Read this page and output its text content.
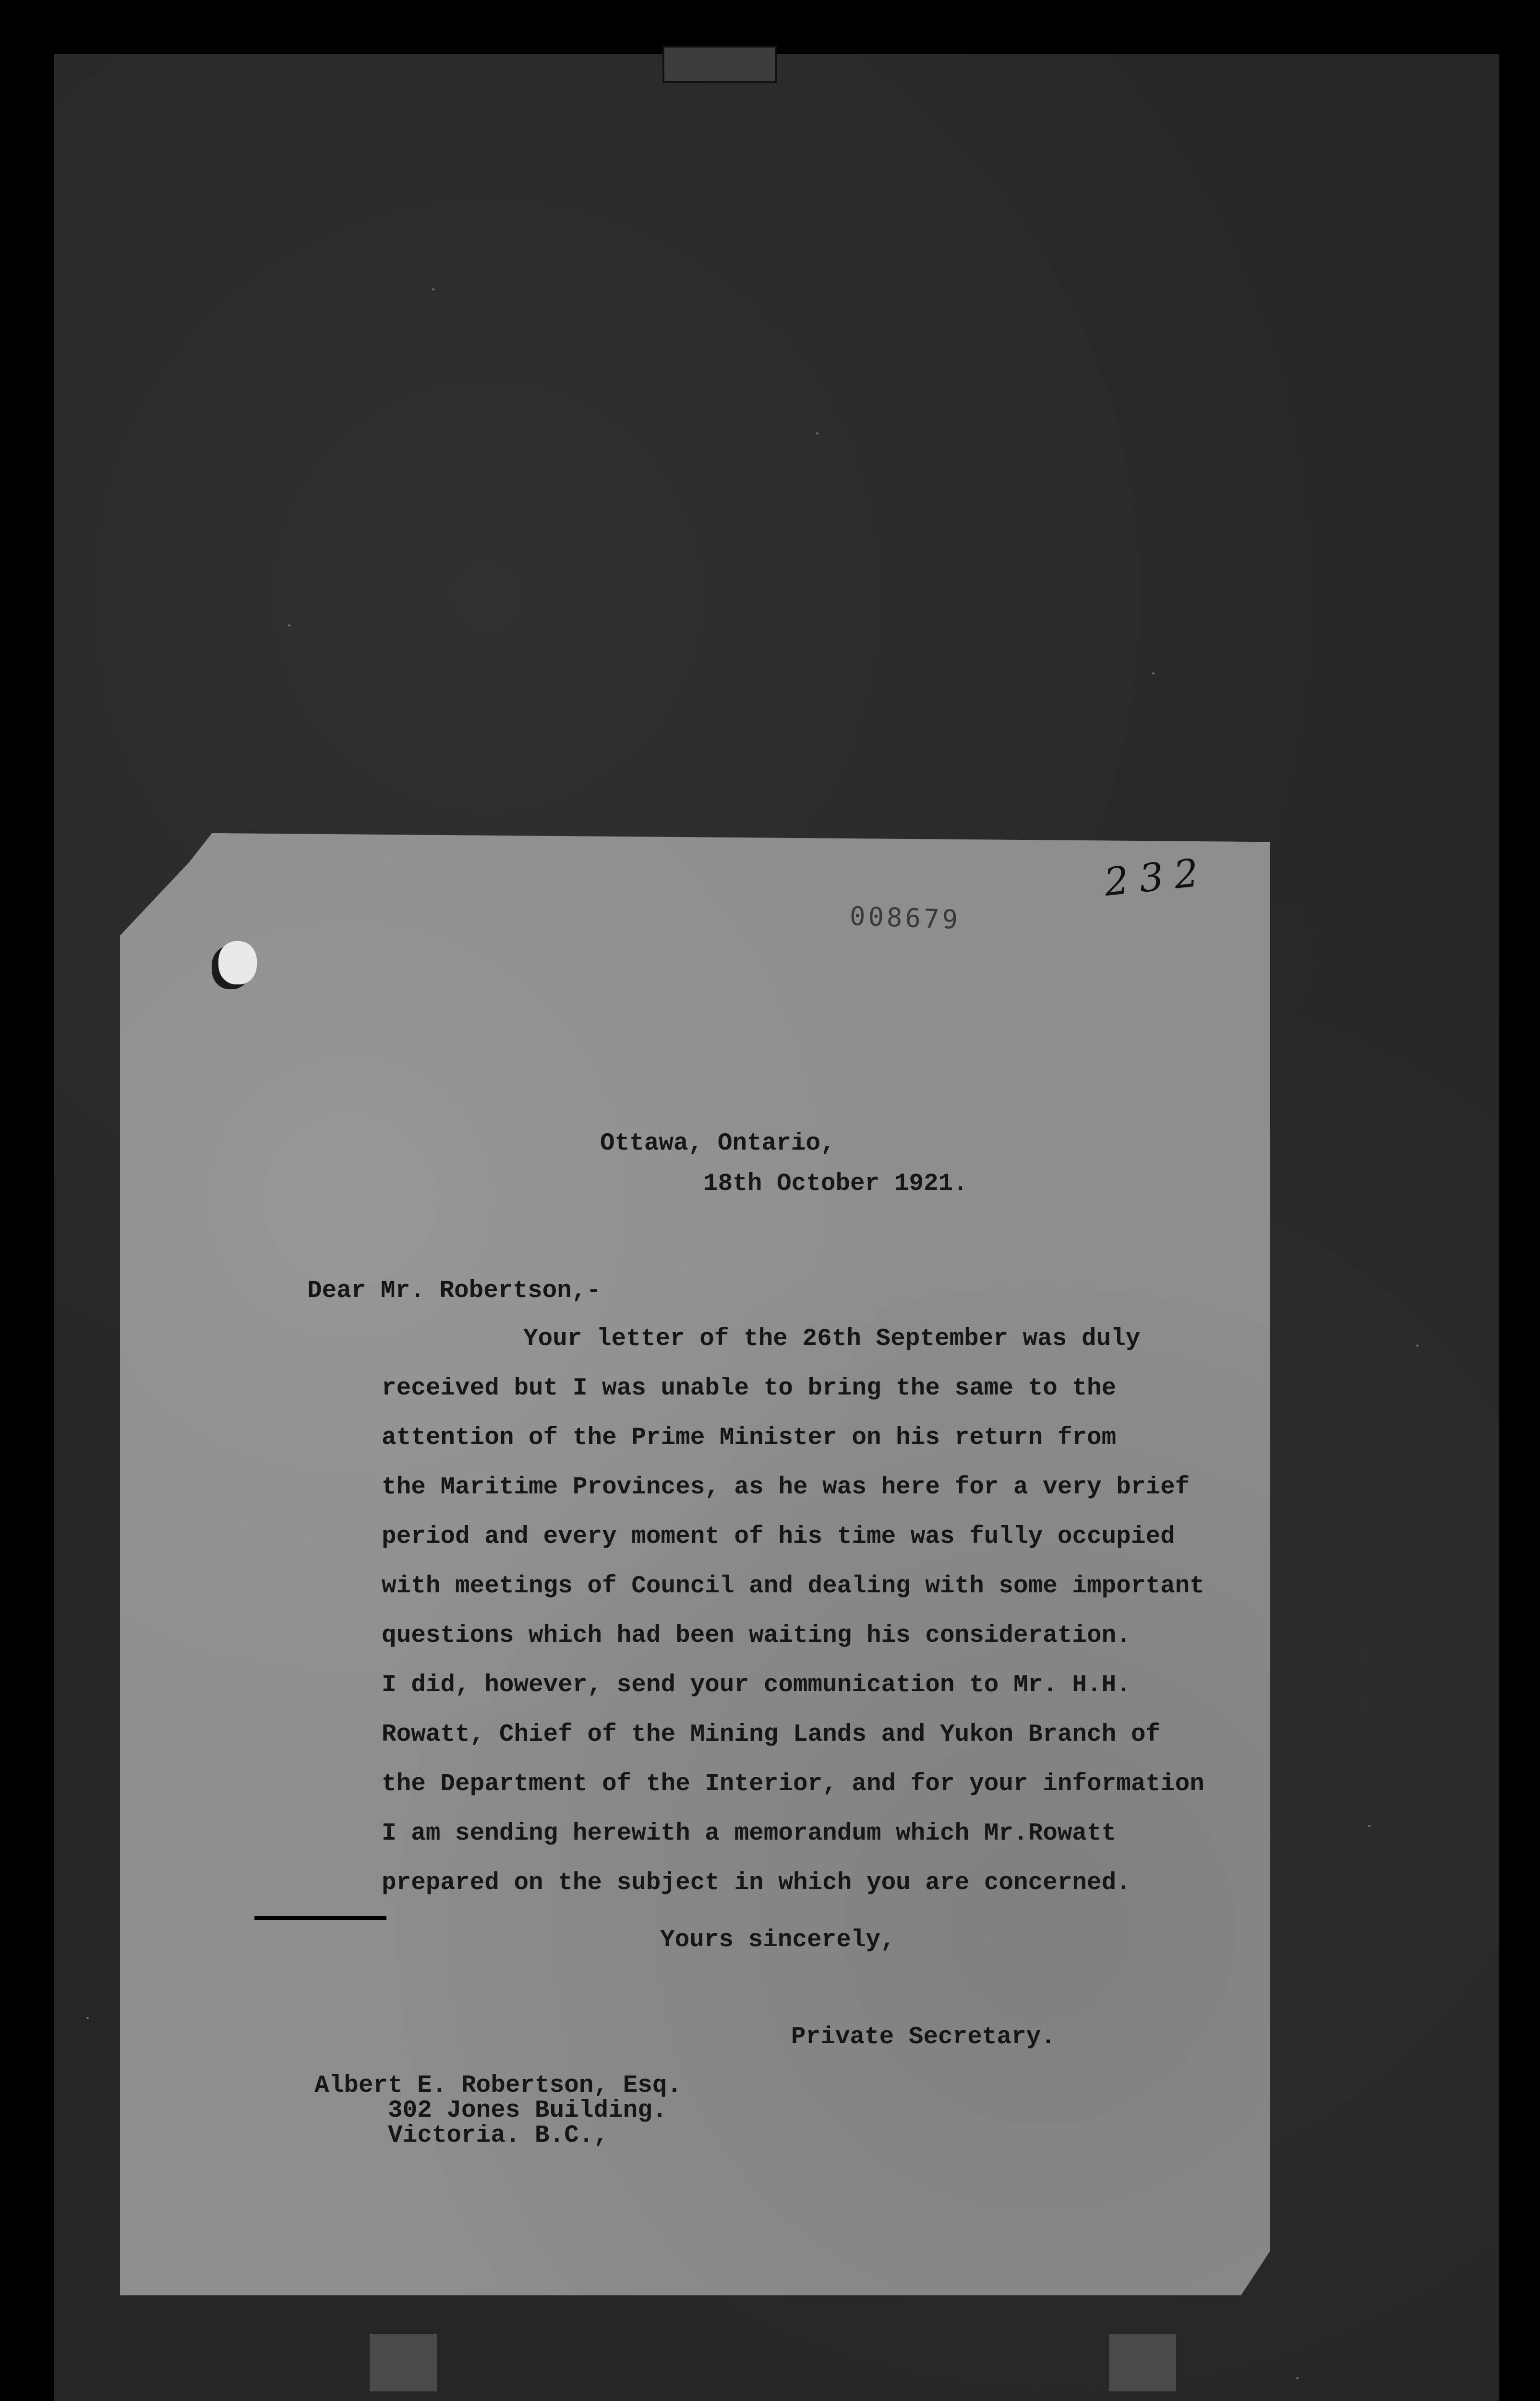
008679
232
Ottawa, Ontario,
18th October 1921.
Dear Mr. Robertson,-
Your letter of the 26th September was duly
received but I was unable to bring the same to the
attention of the Prime Minister on his return from
the Maritime Provinces, as he was here for a very brief
period and every moment of his time was fully occupied
with meetings of Council and dealing with some important
questions which had been waiting his consideration.
I did, however, send your communication to Mr. H.H.
Rowatt, Chief of the Mining Lands and Yukon Branch of
the Department of the Interior, and for your information
I am sending herewith a memorandum which Mr.Rowatt
prepared on the subject in which you are concerned.
Yours sincerely,
Private Secretary.
Albert E. Robertson, Esq.
302 Jones Building.
Victoria. B.C.,
